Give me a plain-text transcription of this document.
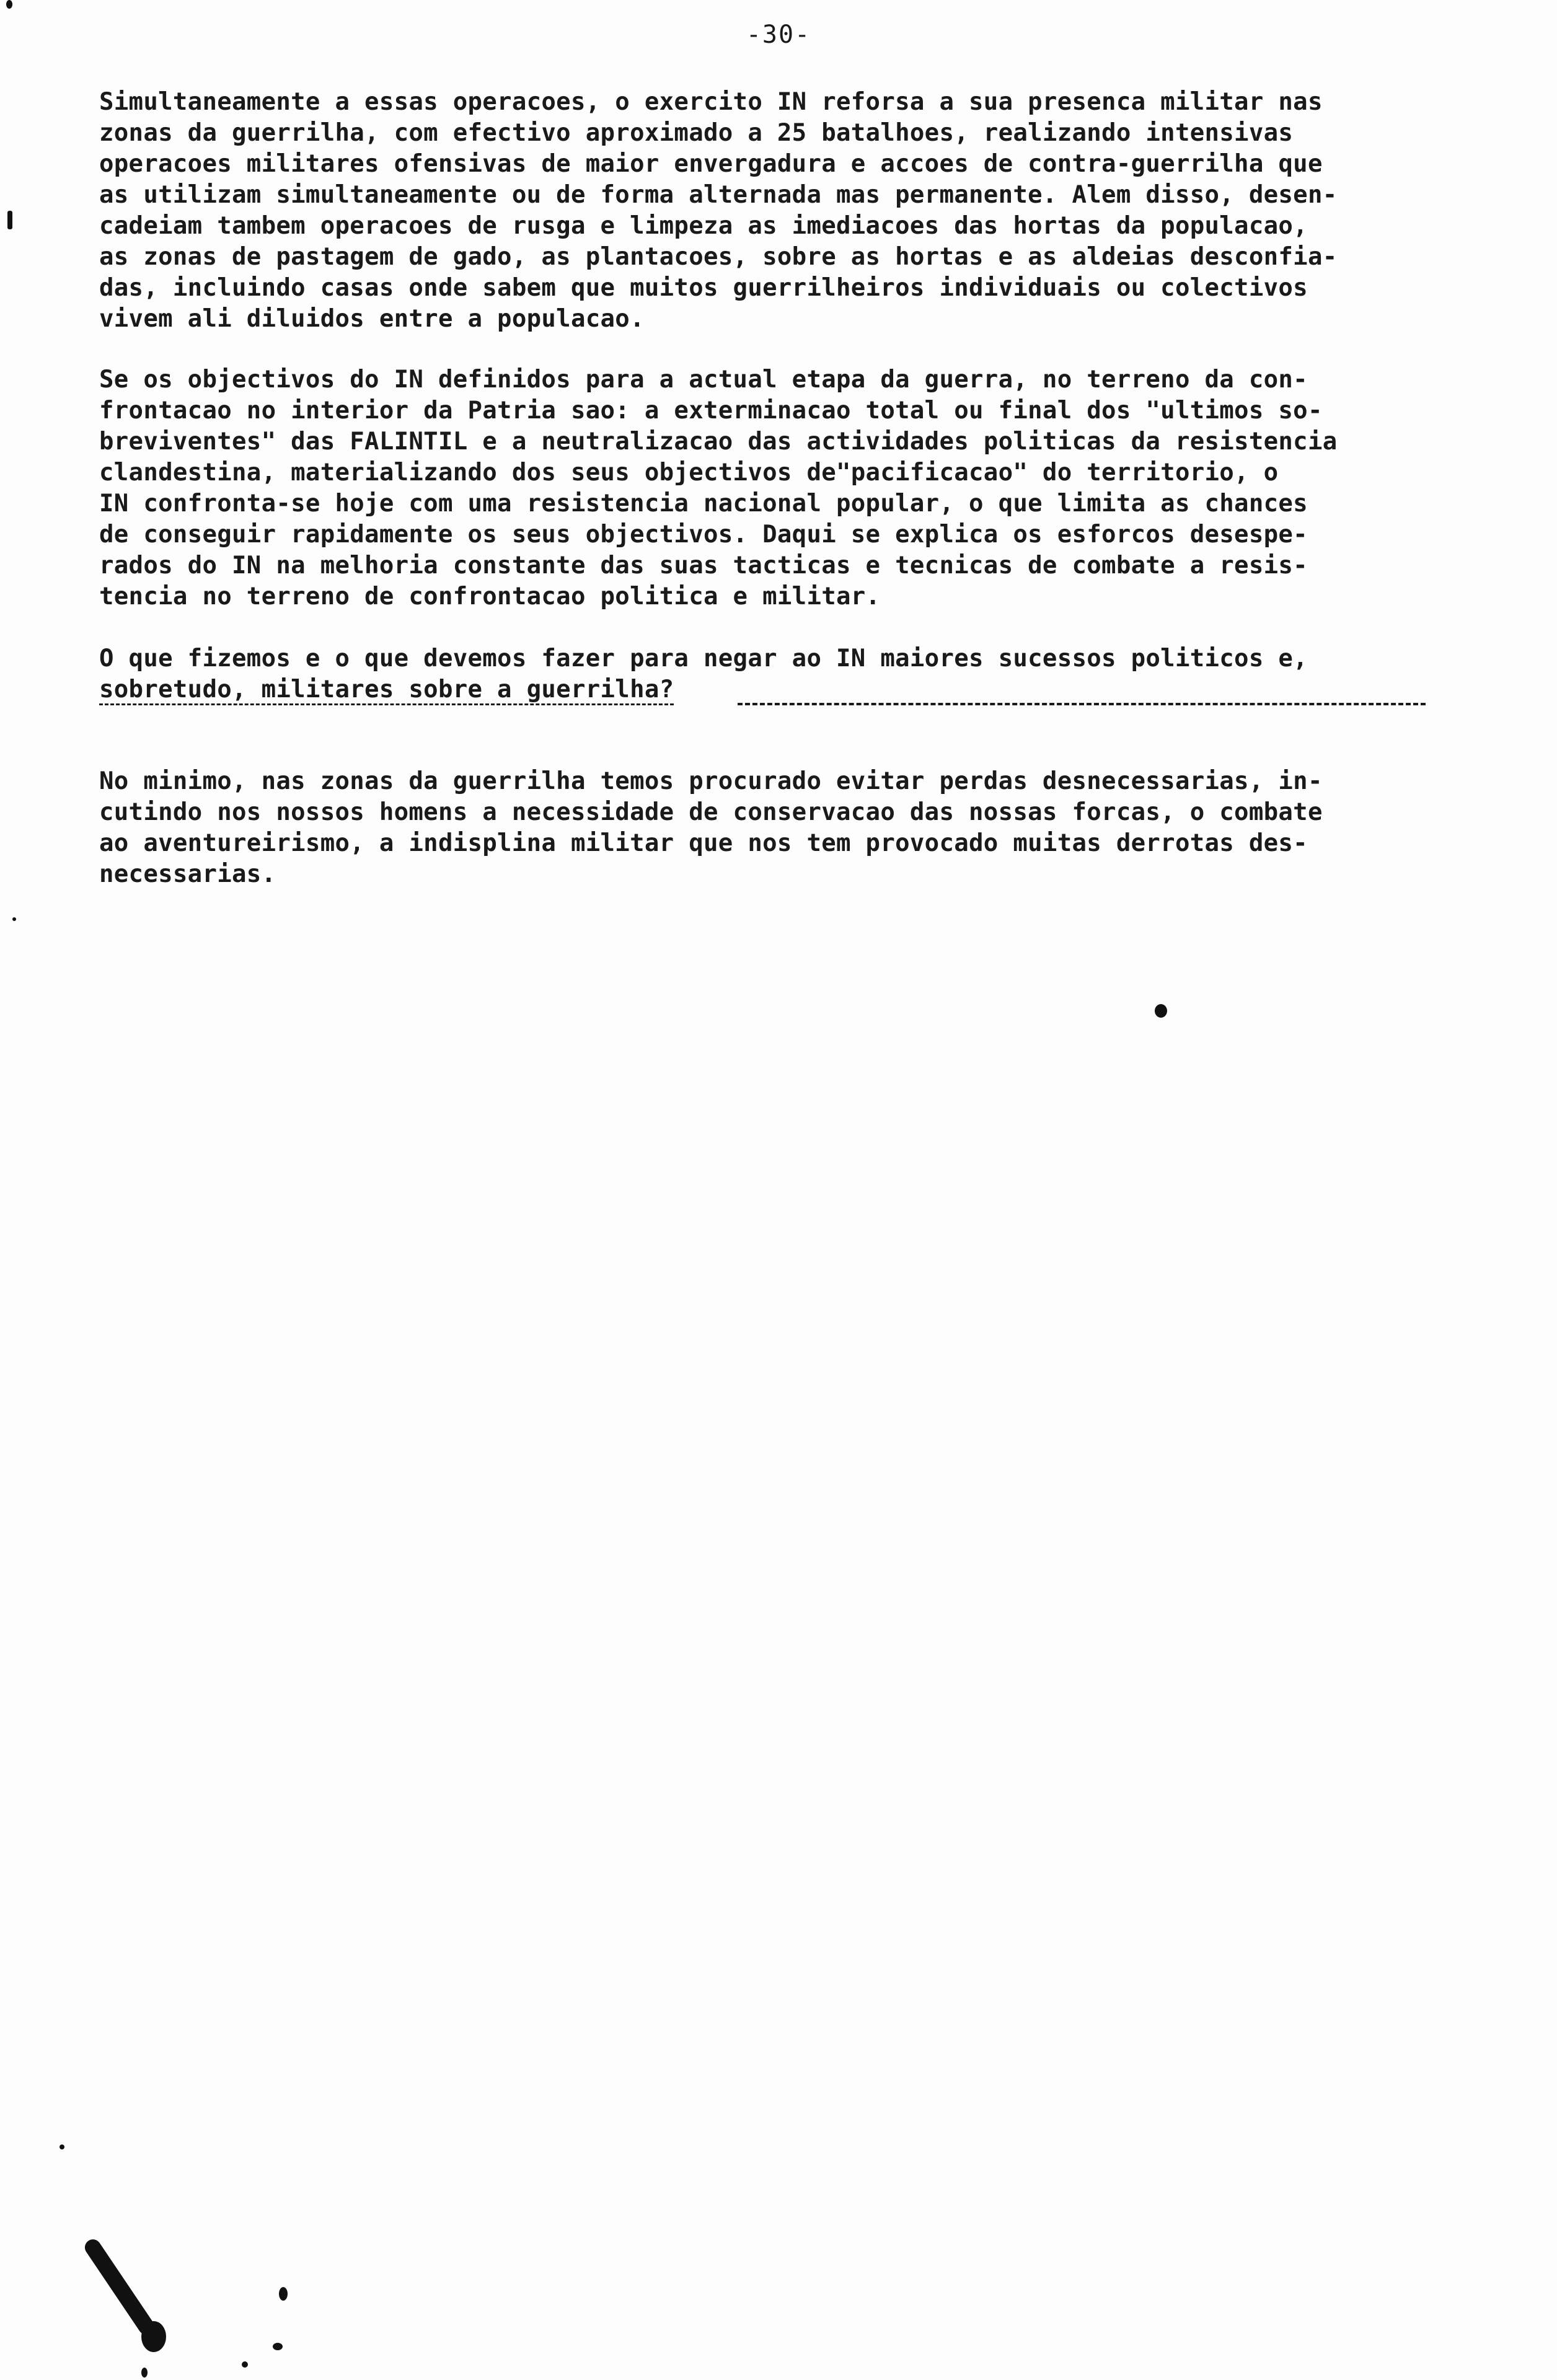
-30-
Simultaneamente a essas operacoes, o exercito IN reforsa a sua presenca militar nas
zonas da guerrilha, com efectivo aproximado a 25 batalhoes, realizando intensivas
operacoes militares ofensivas de maior envergadura e accoes de contra-guerrilha que
as utilizam simultaneamente ou de forma alternada mas permanente. Alem disso, desen-
cadeiam tambem operacoes de rusga e limpeza as imediacoes das hortas da populacao,
as zonas de pastagem de gado, as plantacoes, sobre as hortas e as aldeias desconfia-
das, incluindo casas onde sabem que muitos guerrilheiros individuais ou colectivos
vivem ali diluidos entre a populacao.
Se os objectivos do IN definidos para a actual etapa da guerra, no terreno da con-
frontacao no interior da Patria sao: a exterminacao total ou final dos "ultimos so-
breviventes" das FALINTIL e a neutralizacao das actividades politicas da resistencia
clandestina, materializando dos seus objectivos de"pacificacao" do territorio, o
IN confronta-se hoje com uma resistencia nacional popular, o que limita as chances
de conseguir rapidamente os seus objectivos. Daqui se explica os esforcos desespe-
rados do IN na melhoria constante das suas tacticas e tecnicas de combate a resis-
tencia no terreno de confrontacao politica e militar.
O que fizemos e o que devemos fazer para negar ao IN maiores sucessos politicos e,
sobretudo, militares sobre a guerrilha?
No minimo, nas zonas da guerrilha temos procurado evitar perdas desnecessarias, in-
cutindo nos nossos homens a necessidade de conservacao das nossas forcas, o combate
ao aventureirismo, a indisplina militar que nos tem provocado muitas derrotas des-
necessarias.
